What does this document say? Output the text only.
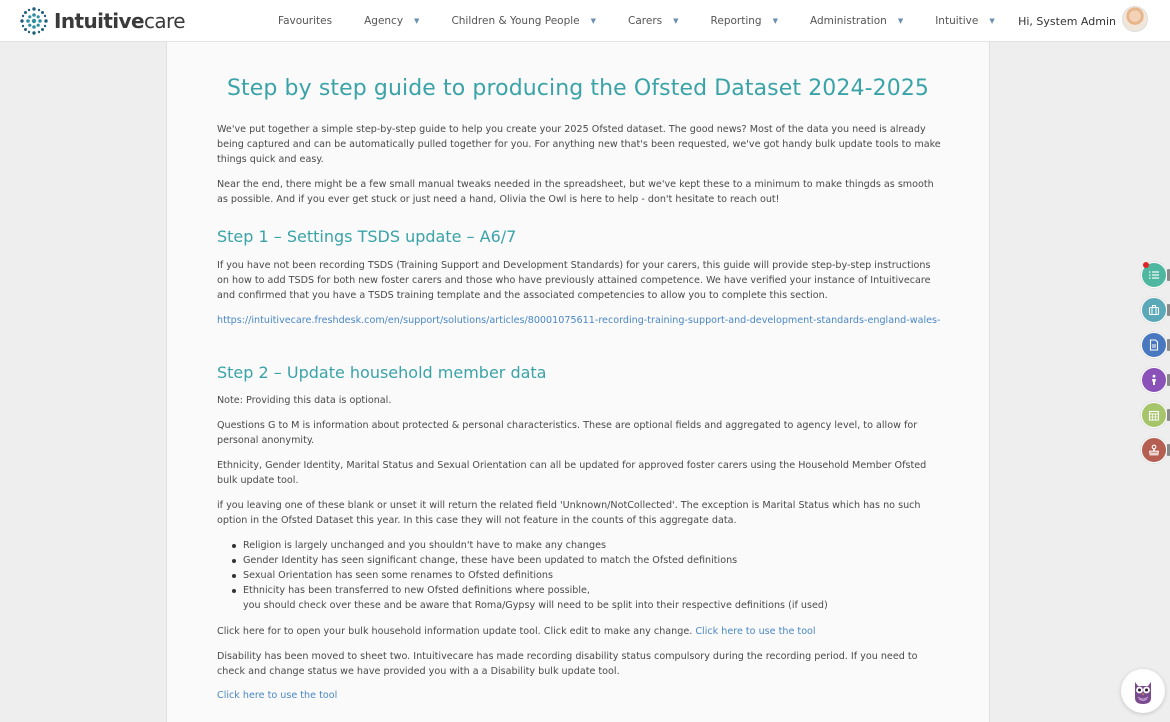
Intuitivecare	Favourites	Agency ▼	Children & Young People ▼	Carers ▼	Reporting ▼	Administration ▼	Intuitive ▼ Hi, System Admin
Step by step guide to producing the Ofsted Dataset 2024-2025

We've put together a simple step-by-step guide to help you create your 2025 Ofsted dataset. The good news? Most of the data you need is already being captured and can be automatically pulled together for you. For anything new that's been requested, we've got handy bulk update tools to make things quick and easy.

Near the end, there might be a few small manual tweaks needed in the spreadsheet, but we've kept these to a minimum to make thingds as smooth as possible. And if you ever get stuck or just need a hand, Olivia the Owl is here to help - don't hesitate to reach out!

Step 1 – Settings TSDS update – A6/7

If you have not been recording TSDS (Training Support and Development Standards) for your carers, this guide will provide step-by-step instructions on how to add TSDS for both new foster carers and those who have previously attained competence. We have verified your instance of Intuitivecare and confirmed that you have a TSDS training template and the associated competencies to allow you to complete this section.

https://intuitivecare.freshdesk.com/en/support/solutions/articles/80001075611-recording-training-support-and-development-standards-england-wales-

Step 2 – Update household member data

Note: Providing this data is optional.

Questions G to M is information about protected & personal characteristics. These are optional fields and aggregated to agency level, to allow for personal anonymity.

Ethnicity, Gender Identity, Marital Status and Sexual Orientation can all be updated for approved foster carers using the Household Member Ofsted bulk update tool.

if you leaving one of these blank or unset it will return the related field 'Unknown/NotCollected'. The exception is Marital Status which has no such option in the Ofsted Dataset this year. In this case they will not feature in the counts of this aggregate data.

Religion is largely unchanged and you shouldn't have to make any changes
Gender Identity has seen significant change, these have been updated to match the Ofsted definitions
Sexual Orientation has seen some renames to Ofsted definitions
Ethnicity has been transferred to new Ofsted definitions where possible,
you should check over these and be aware that Roma/Gypsy will need to be split into their respective definitions (if used)

Click here for to open your bulk household information update tool. Click edit to make any change. Click here to use the tool

Disability has been moved to sheet two. Intuitivecare has made recording disability status compulsory during the recording period. If you need to check and change status we have provided you with a a Disability bulk update tool.

Click here to use the tool
